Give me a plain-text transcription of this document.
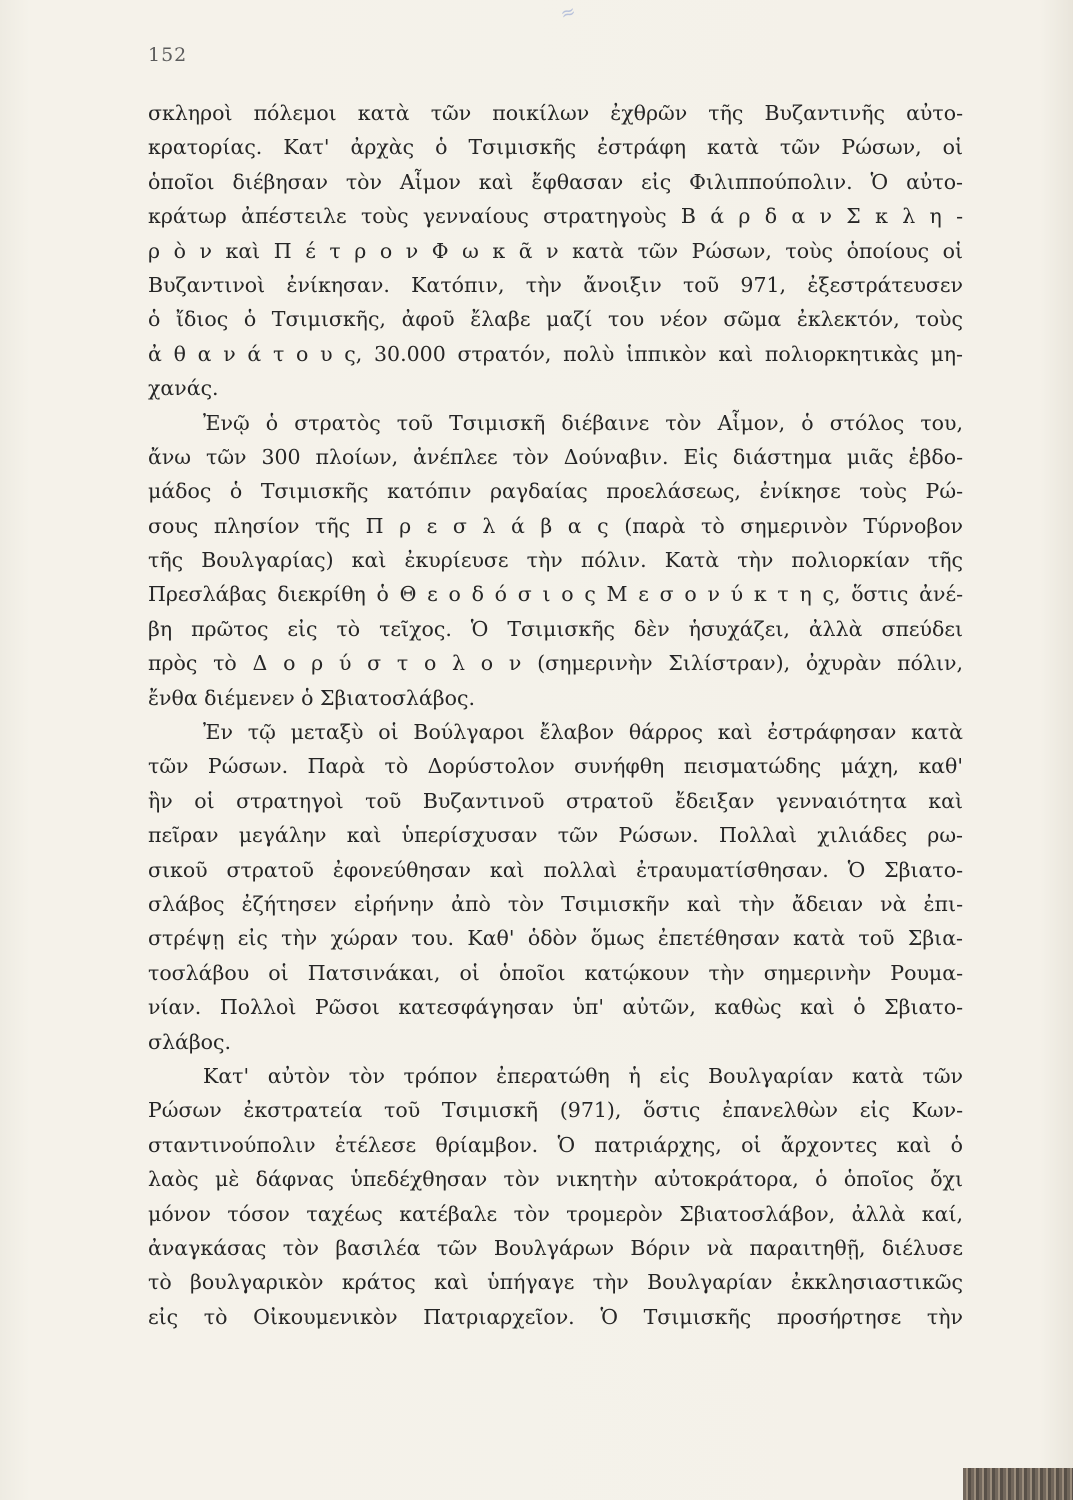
≈
152
σκληροὶ πόλεμοι κατὰ τῶν ποικίλων ἐχθρῶν τῆς Βυζαντινῆς αὐτο-
κρατορίας. Κατ' ἀρχὰς ὁ Τσιμισκῆς ἐστράφη κατὰ τῶν Ρώσων, οἱ
ὁποῖοι διέβησαν τὸν Αἷμον καὶ ἔφθασαν εἰς Φιλιππούπολιν. Ὁ αὐτο-
κράτωρ ἀπέστειλε τοὺς γενναίους στρατηγοὺς Β ά ρ δ α ν Σ κ λ η -
ρ ὸ ν καὶ Π έ τ ρ ο ν Φ ω κ ᾶ ν κατὰ τῶν Ρώσων, τοὺς ὁποίους οἱ
Βυζαντινοὶ ἐνίκησαν. Κατόπιν, τὴν ἄνοιξιν τοῦ 971, ἐξεστράτευσεν
ὁ ἴδιος ὁ Τσιμισκῆς, ἀφοῦ ἔλαβε μαζί του νέον σῶμα ἐκλεκτόν, τοὺς
ἀ θ α ν ά τ ο υ ς, 30.000 στρατόν, πολὺ ἱππικὸν καὶ πολιορκητικὰς μη-
χανάς.
Ἐνῷ ὁ στρατὸς τοῦ Τσιμισκῆ διέβαινε τὸν Αἷμον, ὁ στόλος του,
ἄνω τῶν 300 πλοίων, ἀνέπλεε τὸν Δούναβιν. Εἰς διάστημα μιᾶς ἑβδο-
μάδος ὁ Τσιμισκῆς κατόπιν ραγδαίας προελάσεως, ἐνίκησε τοὺς Ρώ-
σους πλησίον τῆς Π ρ ε σ λ ά β α ς (παρὰ τὸ σημερινὸν Τύρνοβον
τῆς Βουλγαρίας) καὶ ἐκυρίευσε τὴν πόλιν. Κατὰ τὴν πολιορκίαν τῆς
Πρεσλάβας διεκρίθη ὁ Θ ε ο δ ό σ ι ο ς Μ ε σ ο ν ύ κ τ η ς, ὅστις ἀνέ-
βη πρῶτος εἰς τὸ τεῖχος. Ὁ Τσιμισκῆς δὲν ἡσυχάζει, ἀλλὰ σπεύδει
πρὸς τὸ Δ ο ρ ύ σ τ ο λ ο ν (σημερινὴν Σιλίστραν), ὀχυρὰν πόλιν,
ἔνθα διέμενεν ὁ Σβιατοσλάβος.
Ἐν τῷ μεταξὺ οἱ Βούλγαροι ἔλαβον θάρρος καὶ ἐστράφησαν κατὰ
τῶν Ρώσων. Παρὰ τὸ Δορύστολον συνήφθη πεισματώδης μάχη, καθ'
ἣν οἱ στρατηγοὶ τοῦ Βυζαντινοῦ στρατοῦ ἔδειξαν γενναιότητα καὶ
πεῖραν μεγάλην καὶ ὑπερίσχυσαν τῶν Ρώσων. Πολλαὶ χιλιάδες ρω-
σικοῦ στρατοῦ ἐφονεύθησαν καὶ πολλαὶ ἐτραυματίσθησαν. Ὁ Σβιατο-
σλάβος ἐζήτησεν εἰρήνην ἀπὸ τὸν Τσιμισκῆν καὶ τὴν ἄδειαν νὰ ἐπι-
στρέψῃ εἰς τὴν χώραν του. Καθ' ὁδὸν ὅμως ἐπετέθησαν κατὰ τοῦ Σβια-
τοσλάβου οἱ Πατσινάκαι, οἱ ὁποῖοι κατῴκουν τὴν σημερινὴν Ρουμα-
νίαν. Πολλοὶ Ρῶσοι κατεσφάγησαν ὑπ' αὐτῶν, καθὼς καὶ ὁ Σβιατο-
σλάβος.
Κατ' αὐτὸν τὸν τρόπον ἐπερατώθη ἡ εἰς Βουλγαρίαν κατὰ τῶν
Ρώσων ἐκστρατεία τοῦ Τσιμισκῆ (971), ὅστις ἐπανελθὼν εἰς Κων-
σταντινούπολιν ἐτέλεσε θρίαμβον. Ὁ πατριάρχης, οἱ ἄρχοντες καὶ ὁ
λαὸς μὲ δάφνας ὑπεδέχθησαν τὸν νικητὴν αὐτοκράτορα, ὁ ὁποῖος ὄχι
μόνον τόσον ταχέως κατέβαλε τὸν τρομερὸν Σβιατοσλάβον, ἀλλὰ καί,
ἀναγκάσας τὸν βασιλέα τῶν Βουλγάρων Βόριν νὰ παραιτηθῇ, διέλυσε
τὸ βουλγαρικὸν κράτος καὶ ὑπήγαγε τὴν Βουλγαρίαν ἐκκλησιαστικῶς
εἰς τὸ Οἰκουμενικὸν Πατριαρχεῖον. Ὁ Τσιμισκῆς προσήρτησε τὴν
